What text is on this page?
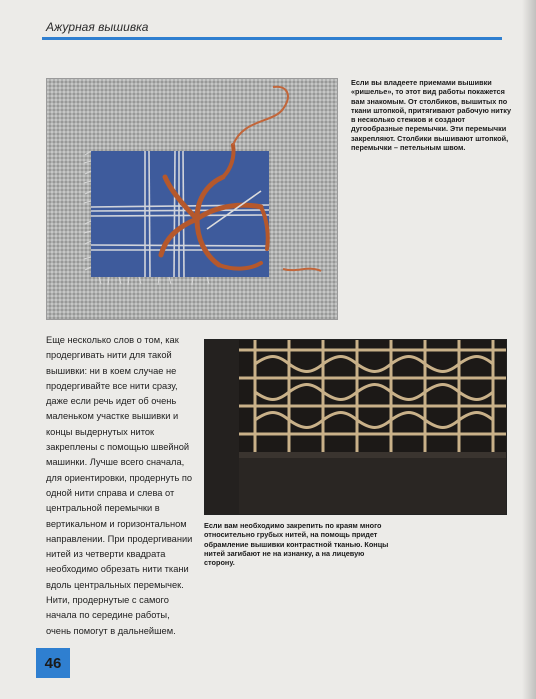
Ажурная вышивка
Если вы владеете приемами вышивки «ришелье», то этот вид работы покажется вам знакомым. От столбиков, вышитых по ткани штопкой, притягивают рабочую нитку в несколько стежков и создают дугообразные перемычки. Эти перемычки закрепляют. Столбики вышивают штопкой, перемычки – петельным швом.
Еще несколько слов о том, как продергивать нити для такой вышивки: ни в коем случае не продергивайте все нити сразу, даже если речь идет об очень маленьком участке вышивки и концы выдернутых ниток закреплены с помощью швейной машинки. Лучше всего сначала, для ориентировки, продернуть по одной нити справа и слева от центральной перемычки в вертикальном и горизонтальном направлении. При продергивании нитей из четверти квадрата необходимо обрезать нити ткани вдоль центральных перемычек. Нити, продернутые с самого начала по середине работы, очень помогут в дальнейшем.
Если вам необходимо закрепить по краям много относительно грубых нитей, на помощь придет обрамление вышивки контрастной тканью. Концы нитей загибают не на изнанку, а на лицевую сторону.
46
